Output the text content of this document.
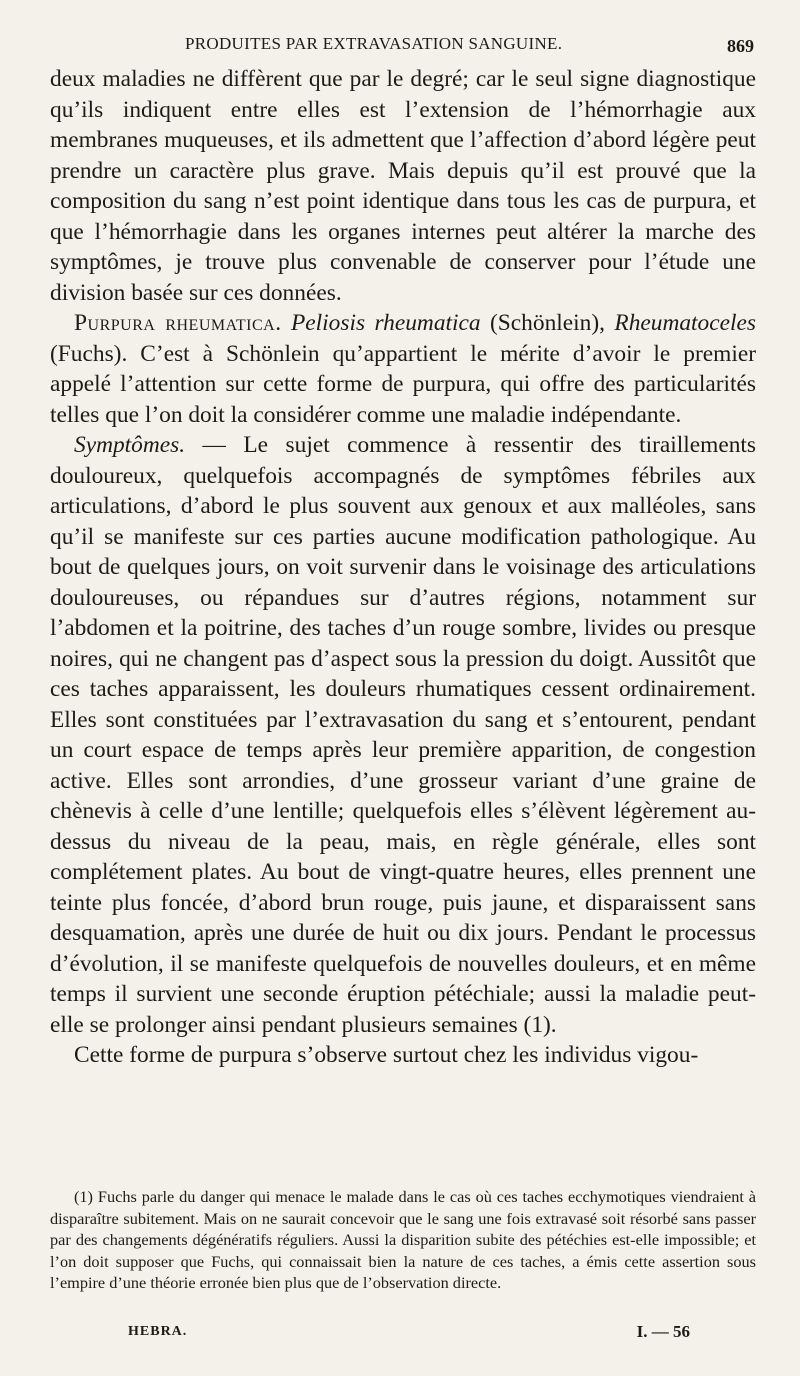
PRODUITES PAR EXTRAVASATION SANGUINE.	869

deux maladies ne diffèrent que par le degré; car le seul signe diagnostique qu’ils indiquent entre elles est l’extension de l’hémorrhagie aux membranes muqueuses, et ils admettent que l’affection d’abord légère peut prendre un caractère plus grave. Mais depuis qu’il est prouvé que la composition du sang n’est point identique dans tous les cas de purpura, et que l’hémorrhagie dans les organes internes peut altérer la marche des symptômes, je trouve plus convenable de conserver pour l’étude une division basée sur ces données.

Purpura rheumatica. Peliosis rheumatica (Schönlein), Rheumatoceles (Fuchs). C’est à Schönlein qu’appartient le mérite d’avoir le premier appelé l’attention sur cette forme de purpura, qui offre des particularités telles que l’on doit la considérer comme une maladie indépendante.

Symptômes. — Le sujet commence à ressentir des tiraillements douloureux, quelquefois accompagnés de symptômes fébriles aux articulations, d’abord le plus souvent aux genoux et aux malléoles, sans qu’il se manifeste sur ces parties aucune modification pathologique. Au bout de quelques jours, on voit survenir dans le voisinage des articulations douloureuses, ou répandues sur d’autres régions, notamment sur l’abdomen et la poitrine, des taches d’un rouge sombre, livides ou presque noires, qui ne changent pas d’aspect sous la pression du doigt. Aussitôt que ces taches apparaissent, les douleurs rhumatiques cessent ordinairement. Elles sont constituées par l’extravasation du sang et s’entourent, pendant un court espace de temps après leur première apparition, de congestion active. Elles sont arrondies, d’une grosseur variant d’une graine de chènevis à celle d’une lentille; quelquefois elles s’élèvent légèrement au-dessus du niveau de la peau, mais, en règle générale, elles sont complétement plates. Au bout de vingt-quatre heures, elles prennent une teinte plus foncée, d’abord brun rouge, puis jaune, et disparaissent sans desquamation, après une durée de huit ou dix jours. Pendant le processus d’évolution, il se manifeste quelquefois de nouvelles douleurs, et en même temps il survient une seconde éruption pétéchiale; aussi la maladie peut-elle se prolonger ainsi pendant plusieurs semaines (1).

Cette forme de purpura s’observe surtout chez les individus vigou-

(1) Fuchs parle du danger qui menace le malade dans le cas où ces taches ecchymotiques viendraient à disparaître subitement. Mais on ne saurait concevoir que le sang une fois extravasé soit résorbé sans passer par des changements dégénératifs réguliers. Aussi la disparition subite des pétéchies est-elle impossible; et l’on doit supposer que Fuchs, qui connaissait bien la nature de ces taches, a émis cette assertion sous l’empire d’une théorie erronée bien plus que de l’observation directe.

HEBRA.	I. — 56
